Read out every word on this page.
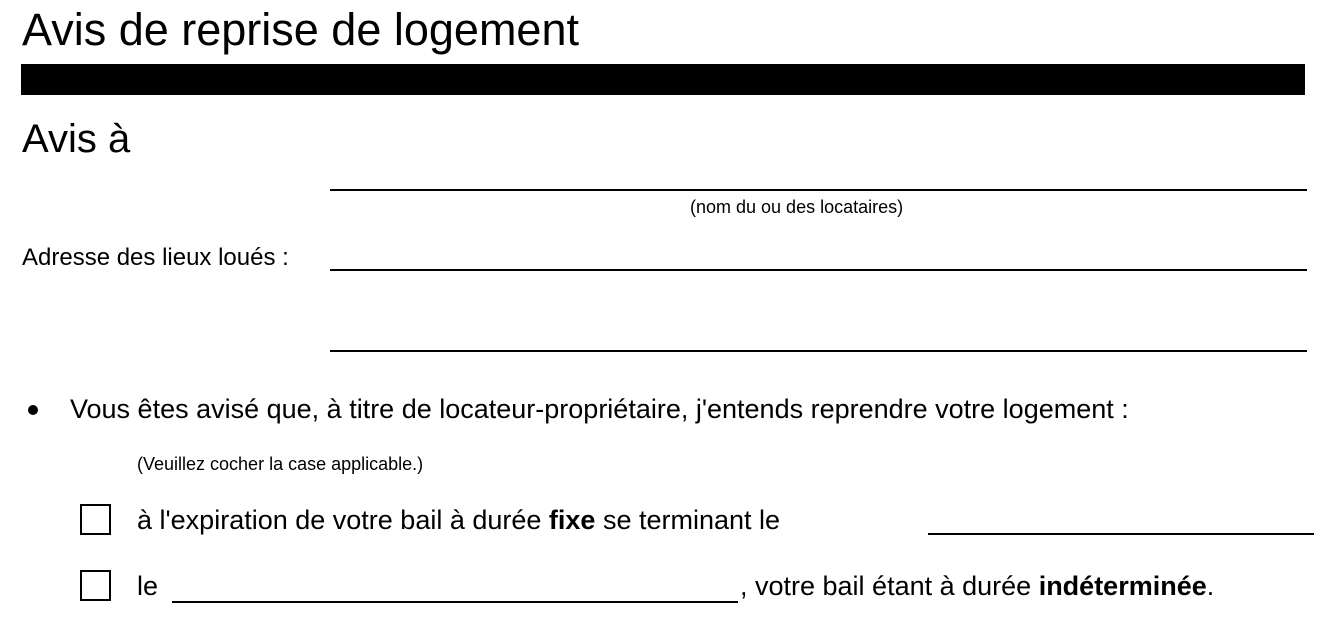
Avis de reprise de logement
Avis à
(nom du ou des locataires)
Adresse des lieux loués :
Vous êtes avisé que, à titre de locateur-propriétaire, j'entends reprendre votre logement :
(Veuillez cocher la case applicable.)
à l'expiration de votre bail à durée fixe se terminant le
le	, votre bail étant à durée indéterminée.
